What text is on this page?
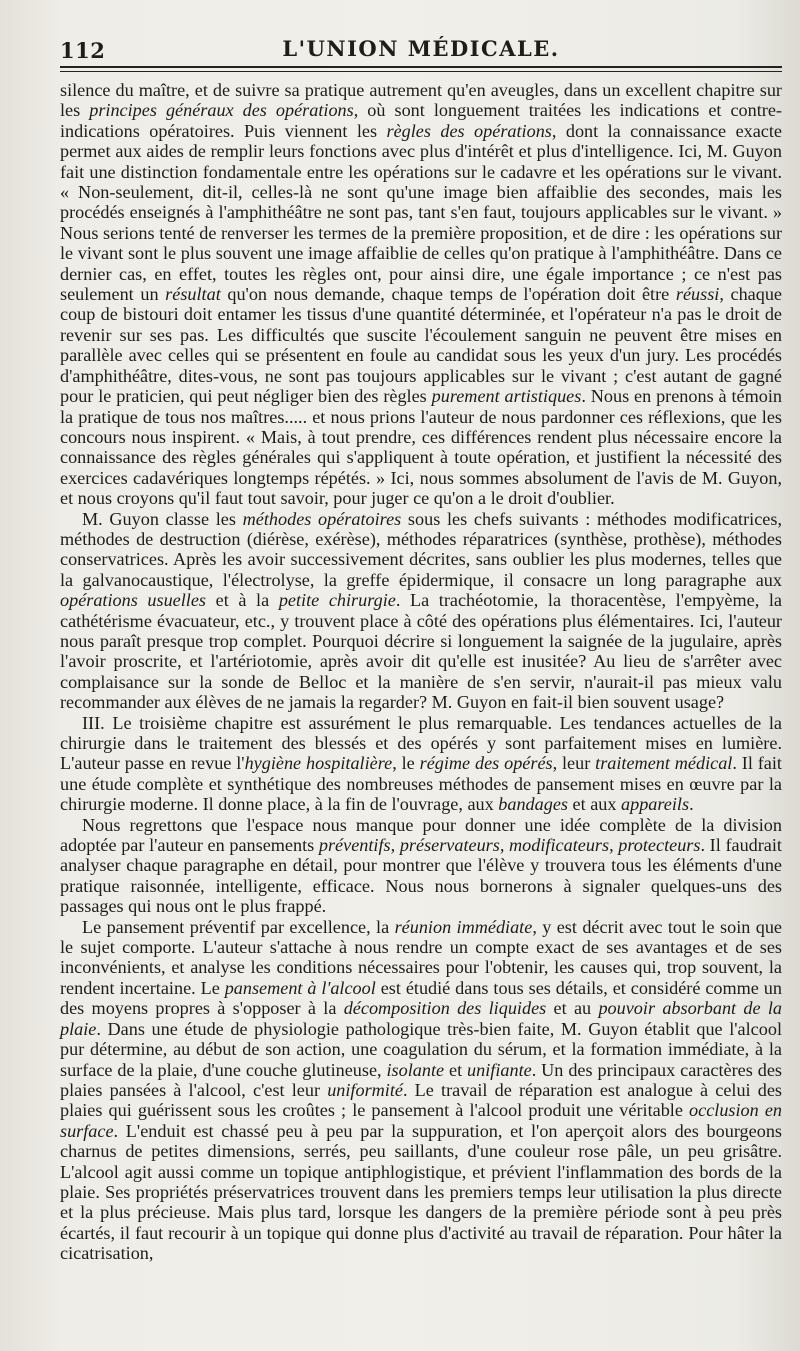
112	L'UNION MÉDICALE.

silence du maître, et de suivre sa pratique autrement qu'en aveugles, dans un excellent chapitre sur les principes généraux des opérations, où sont longuement traitées les indications et contre-indications opératoires. Puis viennent les règles des opérations, dont la connaissance exacte permet aux aides de remplir leurs fonctions avec plus d'intérêt et plus d'intelligence. Ici, M. Guyon fait une distinction fondamentale entre les opérations sur le cadavre et les opérations sur le vivant. « Non-seulement, dit-il, celles-là ne sont qu'une image bien affaiblie des secondes, mais les procédés enseignés à l'amphithéâtre ne sont pas, tant s'en faut, toujours applicables sur le vivant. » Nous serions tenté de renverser les termes de la première proposition, et de dire : les opérations sur le vivant sont le plus souvent une image affaiblie de celles qu'on pratique à l'amphithéâtre. Dans ce dernier cas, en effet, toutes les règles ont, pour ainsi dire, une égale importance ; ce n'est pas seulement un résultat qu'on nous demande, chaque temps de l'opération doit être réussi, chaque coup de bistouri doit entamer les tissus d'une quantité déterminée, et l'opérateur n'a pas le droit de revenir sur ses pas. Les difficultés que suscite l'écoulement sanguin ne peuvent être mises en parallèle avec celles qui se présentent en foule au candidat sous les yeux d'un jury. Les procédés d'amphithéâtre, dites-vous, ne sont pas toujours applicables sur le vivant ; c'est autant de gagné pour le praticien, qui peut négliger bien des règles purement artistiques. Nous en prenons à témoin la pratique de tous nos maîtres..... et nous prions l'auteur de nous pardonner ces réflexions, que les concours nous inspirent. « Mais, à tout prendre, ces différences rendent plus nécessaire encore la connaissance des règles générales qui s'appliquent à toute opération, et justifient la nécessité des exercices cadavériques longtemps répétés. » Ici, nous sommes absolument de l'avis de M. Guyon, et nous croyons qu'il faut tout savoir, pour juger ce qu'on a le droit d'oublier.

M. Guyon classe les méthodes opératoires sous les chefs suivants : méthodes modificatrices, méthodes de destruction (diérèse, exérèse), méthodes réparatrices (synthèse, prothèse), méthodes conservatrices. Après les avoir successivement décrites, sans oublier les plus modernes, telles que la galvanocaustique, l'électrolyse, la greffe épidermique, il consacre un long paragraphe aux opérations usuelles et à la petite chirurgie. La trachéotomie, la thoracentèse, l'empyème, la cathétérisme évacuateur, etc., y trouvent place à côté des opérations plus élémentaires. Ici, l'auteur nous paraît presque trop complet. Pourquoi décrire si longuement la saignée de la jugulaire, après l'avoir proscrite, et l'artériotomie, après avoir dit qu'elle est inusitée? Au lieu de s'arrêter avec complaisance sur la sonde de Belloc et la manière de s'en servir, n'aurait-il pas mieux valu recommander aux élèves de ne jamais la regarder? M. Guyon en fait-il bien souvent usage?

III. Le troisième chapitre est assurément le plus remarquable. Les tendances actuelles de la chirurgie dans le traitement des blessés et des opérés y sont parfaitement mises en lumière. L'auteur passe en revue l'hygiène hospitalière, le régime des opérés, leur traitement médical. Il fait une étude complète et synthétique des nombreuses méthodes de pansement mises en œuvre par la chirurgie moderne. Il donne place, à la fin de l'ouvrage, aux bandages et aux appareils.

Nous regrettons que l'espace nous manque pour donner une idée complète de la division adoptée par l'auteur en pansements préventifs, préservateurs, modificateurs, protecteurs. Il faudrait analyser chaque paragraphe en détail, pour montrer que l'élève y trouvera tous les éléments d'une pratique raisonnée, intelligente, efficace. Nous nous bornerons à signaler quelques-uns des passages qui nous ont le plus frappé.

Le pansement préventif par excellence, la réunion immédiate, y est décrit avec tout le soin que le sujet comporte. L'auteur s'attache à nous rendre un compte exact de ses avantages et de ses inconvénients, et analyse les conditions nécessaires pour l'obtenir, les causes qui, trop souvent, la rendent incertaine. Le pansement à l'alcool est étudié dans tous ses détails, et considéré comme un des moyens propres à s'opposer à la décomposition des liquides et au pouvoir absorbant de la plaie. Dans une étude de physiologie pathologique très-bien faite, M. Guyon établit que l'alcool pur détermine, au début de son action, une coagulation du sérum, et la formation immédiate, à la surface de la plaie, d'une couche glutineuse, isolante et unifiante. Un des principaux caractères des plaies pansées à l'alcool, c'est leur uniformité. Le travail de réparation est analogue à celui des plaies qui guérissent sous les croûtes ; le pansement à l'alcool produit une véritable occlusion en surface. L'enduit est chassé peu à peu par la suppuration, et l'on aperçoit alors des bourgeons charnus de petites dimensions, serrés, peu saillants, d'une couleur rose pâle, un peu grisâtre. L'alcool agit aussi comme un topique antiphlogistique, et prévient l'inflammation des bords de la plaie. Ses propriétés préservatrices trouvent dans les premiers temps leur utilisation la plus directe et la plus précieuse. Mais plus tard, lorsque les dangers de la première période sont à peu près écartés, il faut recourir à un topique qui donne plus d'activité au travail de réparation. Pour hâter la cicatrisation,
